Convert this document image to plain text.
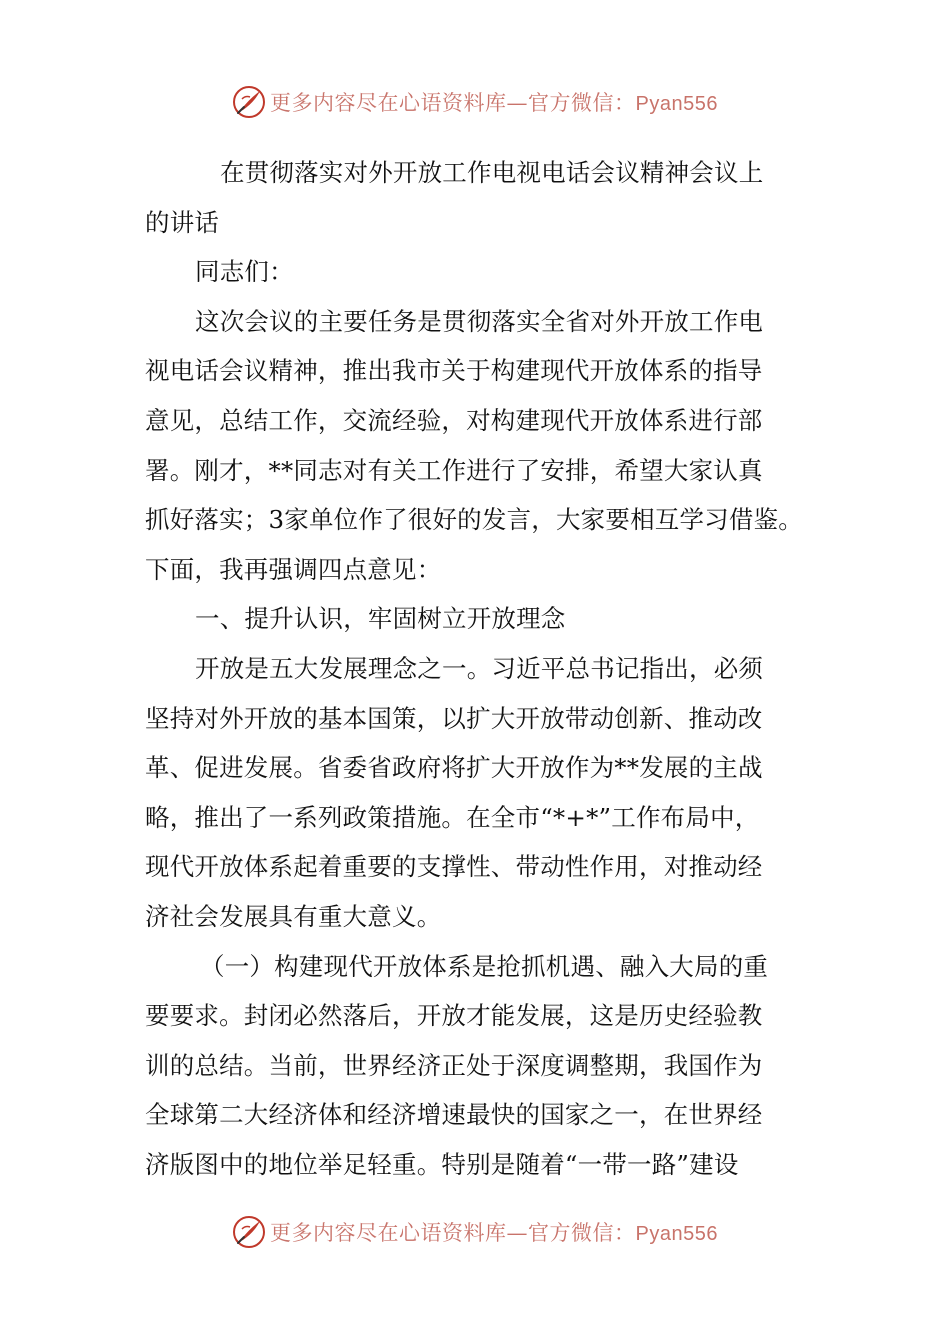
更多内容尽在心语资料库—官方微信：Pyan556
在贯彻落实对外开放工作电视电话会议精神会议上
的讲话
同志们：
这次会议的主要任务是贯彻落实全省对外开放工作电
视电话会议精神，推出我市关于构建现代开放体系的指导
意见，总结工作，交流经验，对构建现代开放体系进行部
署。刚才，**同志对有关工作进行了安排，希望大家认真
抓好落实；3家单位作了很好的发言，大家要相互学习借鉴。
下面，我再强调四点意见：
一、提升认识，牢固树立开放理念
开放是五大发展理念之一。习近平总书记指出，必须
坚持对外开放的基本国策，以扩大开放带动创新、推动改
革、促进发展。省委省政府将扩大开放作为**发展的主战
略，推出了一系列政策措施。在全市“*+*”工作布局中，
现代开放体系起着重要的支撑性、带动性作用，对推动经
济社会发展具有重大意义。
（一）构建现代开放体系是抢抓机遇、融入大局的重
要要求。封闭必然落后，开放才能发展，这是历史经验教
训的总结。当前，世界经济正处于深度调整期，我国作为
全球第二大经济体和经济增速最快的国家之一，在世界经
济版图中的地位举足轻重。特别是随着“一带一路”建设
更多内容尽在心语资料库—官方微信：Pyan556
